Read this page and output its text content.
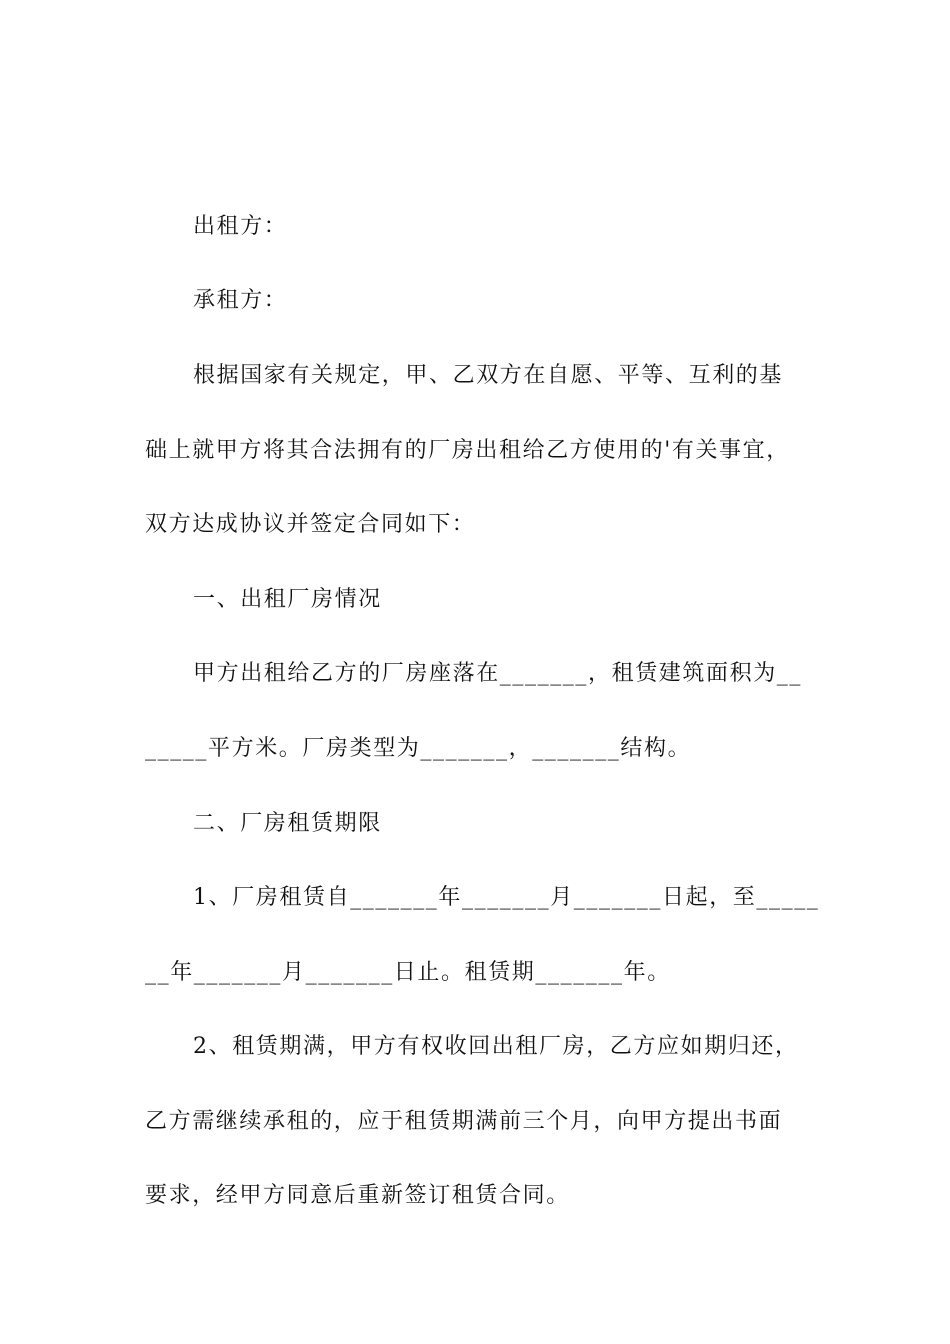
出租方：
承租方：
根据国家有关规定，甲、乙双方在自愿、平等、互利的基
础上就甲方将其合法拥有的厂房出租给乙方使用的'有关事宜，
双方达成协议并签定合同如下：
一、出租厂房情况
甲方出租给乙方的厂房座落在_______，租赁建筑面积为__
_____平方米。厂房类型为_______，_______结构。
二、厂房租赁期限
1、厂房租赁自_______年_______月_______日起，至_____
__年_______月_______日止。租赁期_______年。
2、租赁期满，甲方有权收回出租厂房，乙方应如期归还，
乙方需继续承租的，应于租赁期满前三个月，向甲方提出书面
要求，经甲方同意后重新签订租赁合同。
